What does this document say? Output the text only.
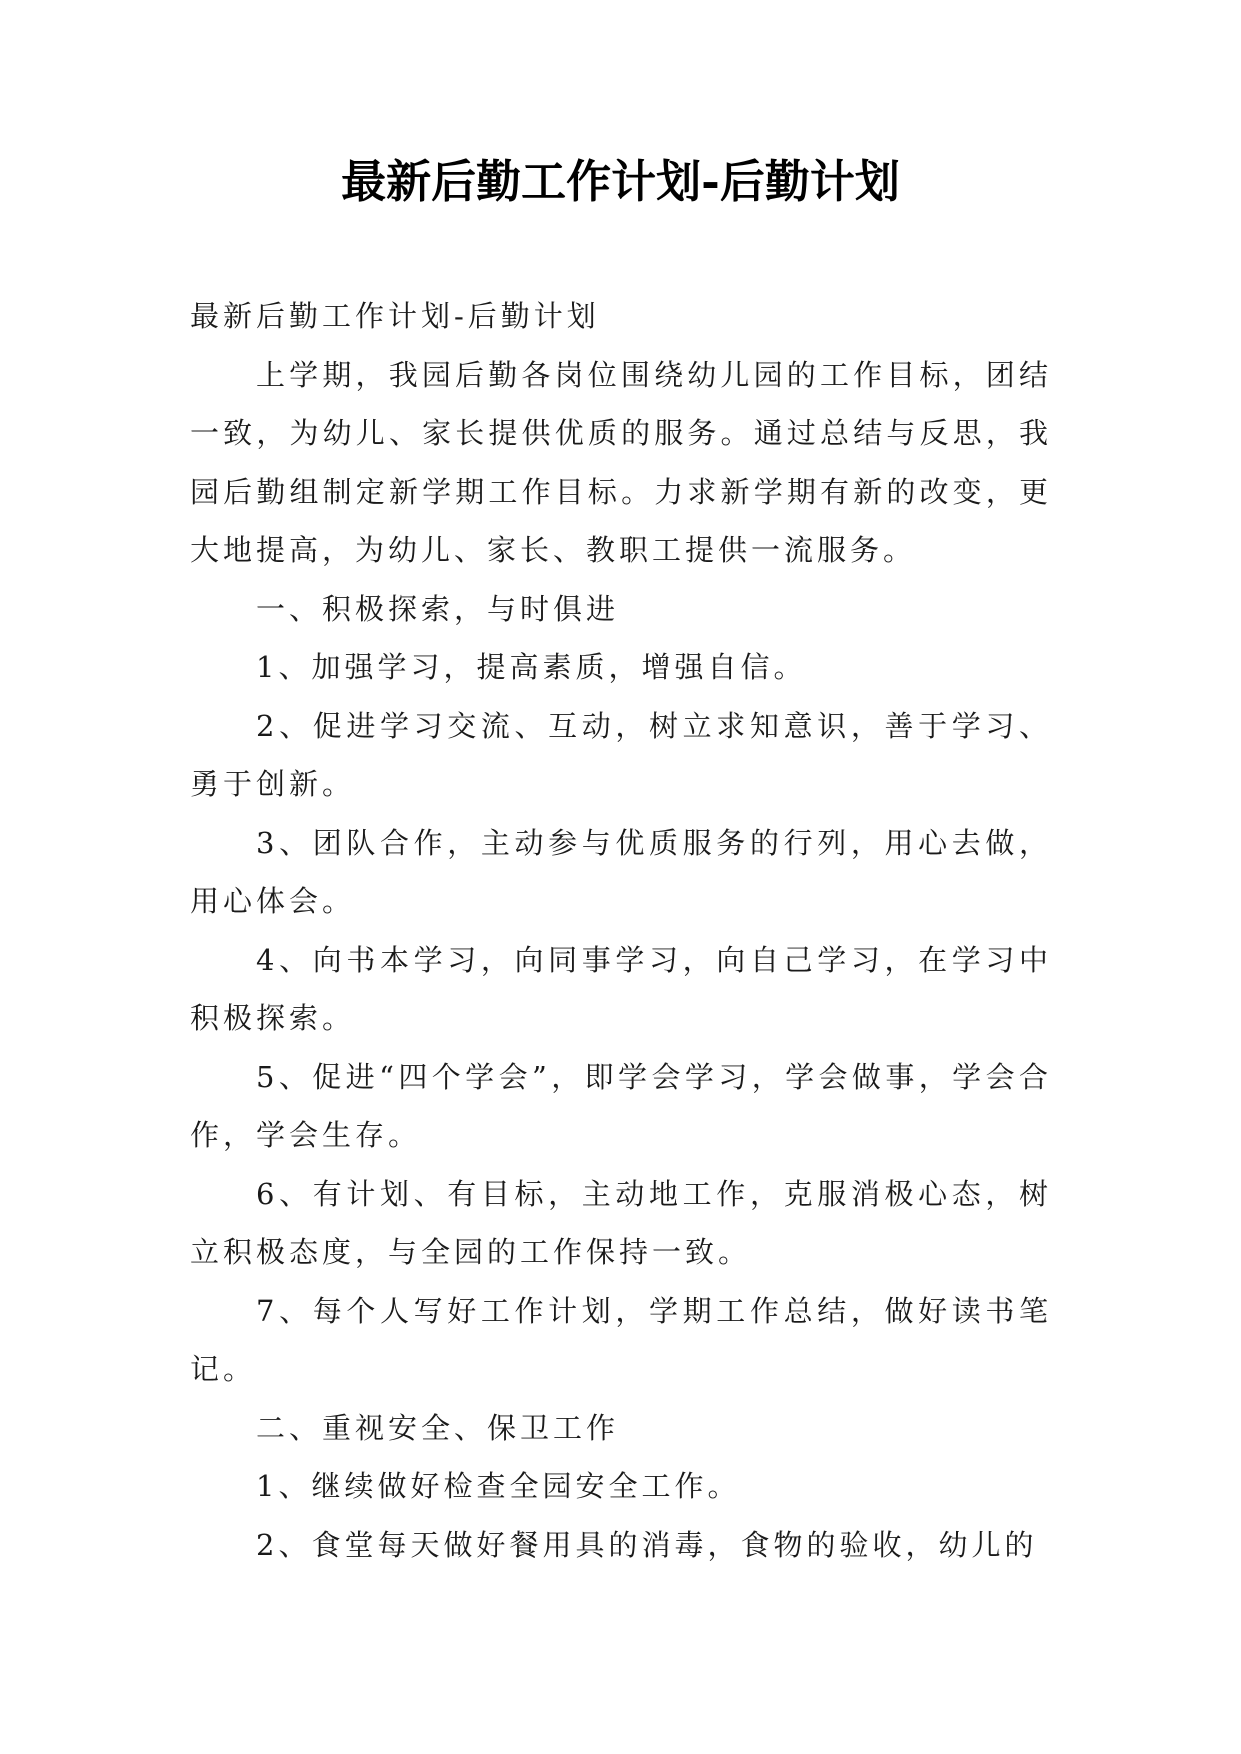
最新后勤工作计划-后勤计划

最新后勤工作计划-后勤计划

上学期，我园后勤各岗位围绕幼儿园的工作目标，团结一致，为幼儿、家长提供优质的服务。通过总结与反思，我园后勤组制定新学期工作目标。力求新学期有新的改变，更大地提高，为幼儿、家长、教职工提供一流服务。

一、积极探索，与时俱进

1、加强学习，提高素质，增强自信。

2、促进学习交流、互动，树立求知意识，善于学习、勇于创新。

3、团队合作，主动参与优质服务的行列，用心去做，用心体会。

4、向书本学习，向同事学习，向自己学习，在学习中积极探索。

5、促进“四个学会”，即学会学习，学会做事，学会合作，学会生存。

6、有计划、有目标，主动地工作，克服消极心态，树立积极态度，与全园的工作保持一致。

7、每个人写好工作计划，学期工作总结，做好读书笔记。

二、重视安全、保卫工作

1、继续做好检查全园安全工作。

2、食堂每天做好餐用具的消毒，食物的验收，幼儿的
